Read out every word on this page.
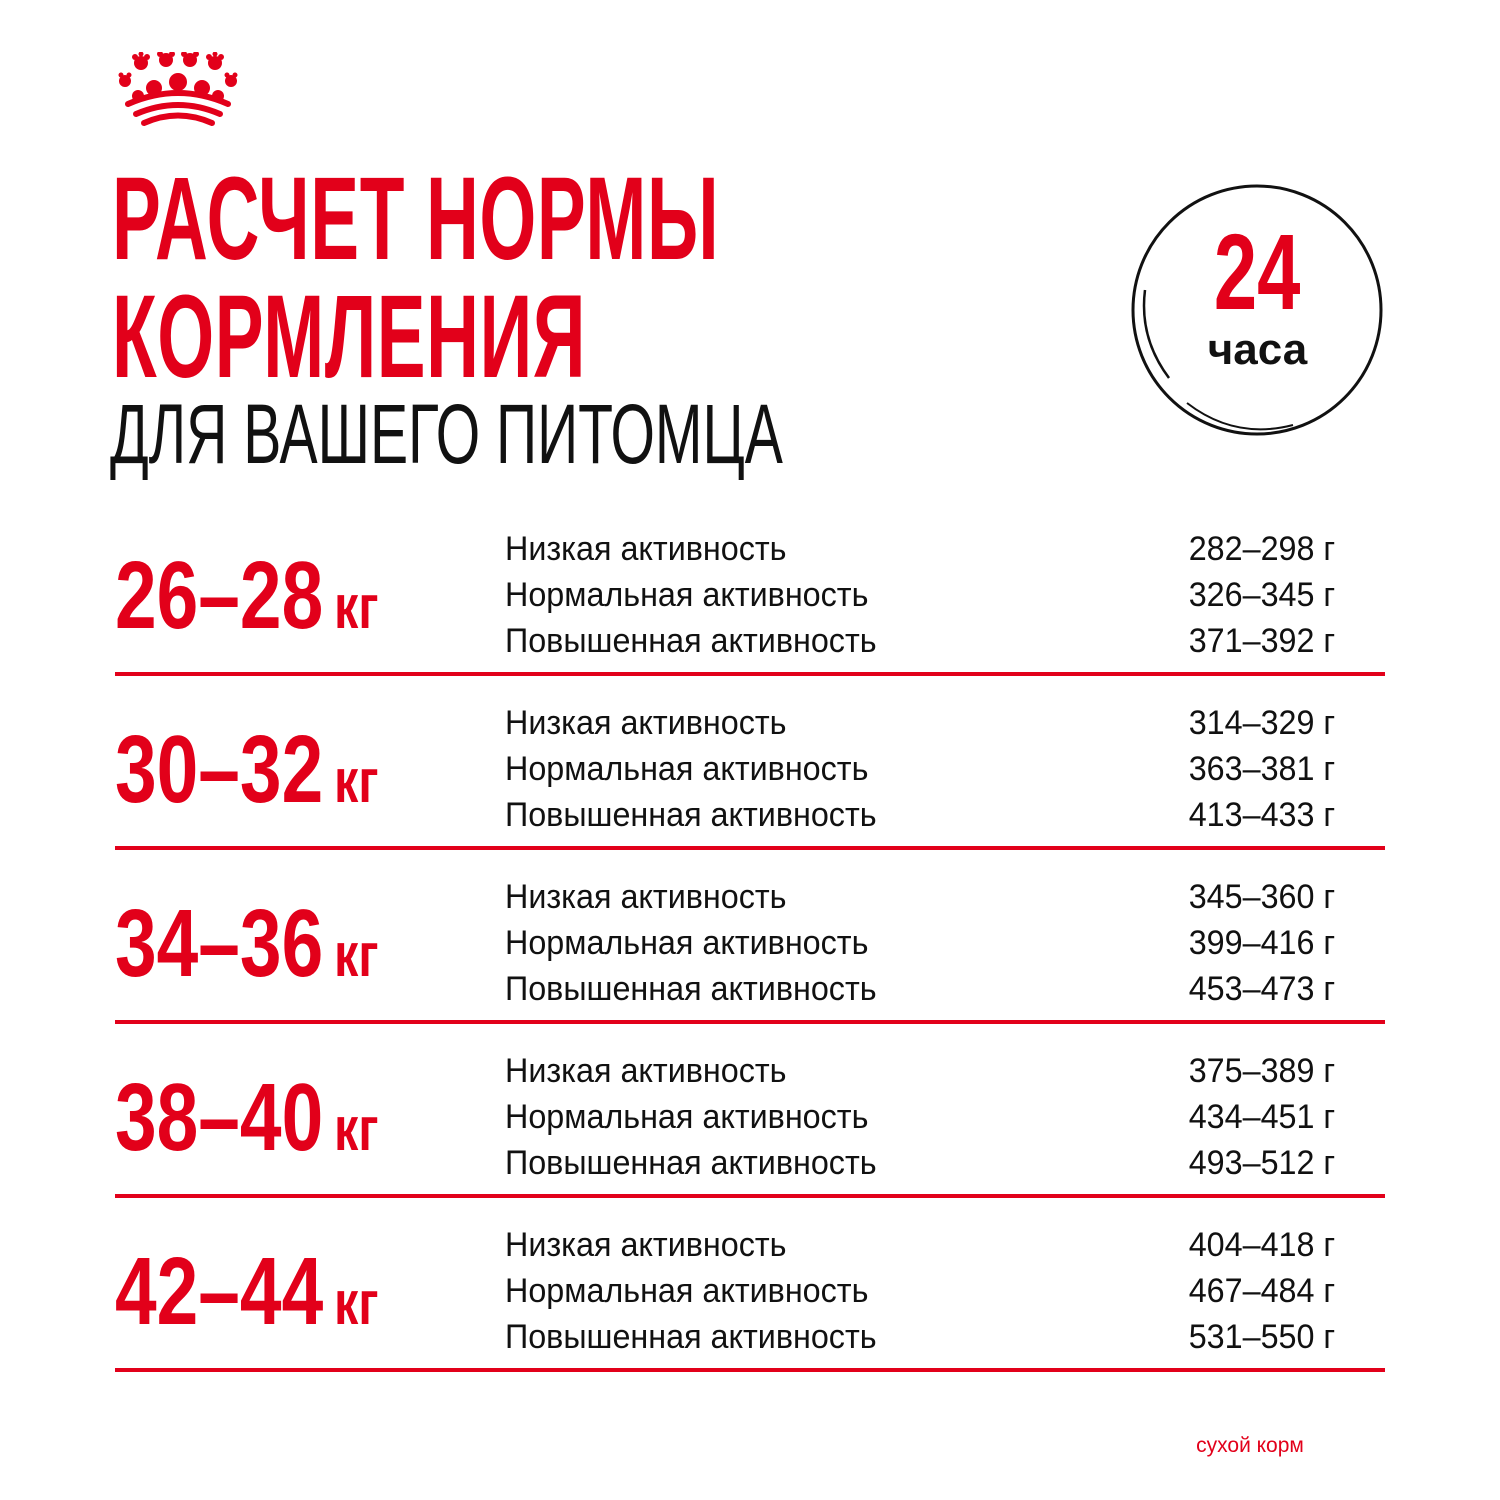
РАСЧЕТ НОРМЫ
КОРМЛЕНИЯ
ДЛЯ ВАШЕГО ПИТОМЦА
24
часа
26–28 кг
Низкая активность	282–298 г
Нормальная активность	326–345 г
Повышенная активность	371–392 г
30–32 кг
Низкая активность	314–329 г
Нормальная активность	363–381 г
Повышенная активность	413–433 г
34–36 кг
Низкая активность	345–360 г
Нормальная активность	399–416 г
Повышенная активность	453–473 г
38–40 кг
Низкая активность	375–389 г
Нормальная активность	434–451 г
Повышенная активность	493–512 г
42–44 кг
Низкая активность	404–418 г
Нормальная активность	467–484 г
Повышенная активность	531–550 г
сухой корм
